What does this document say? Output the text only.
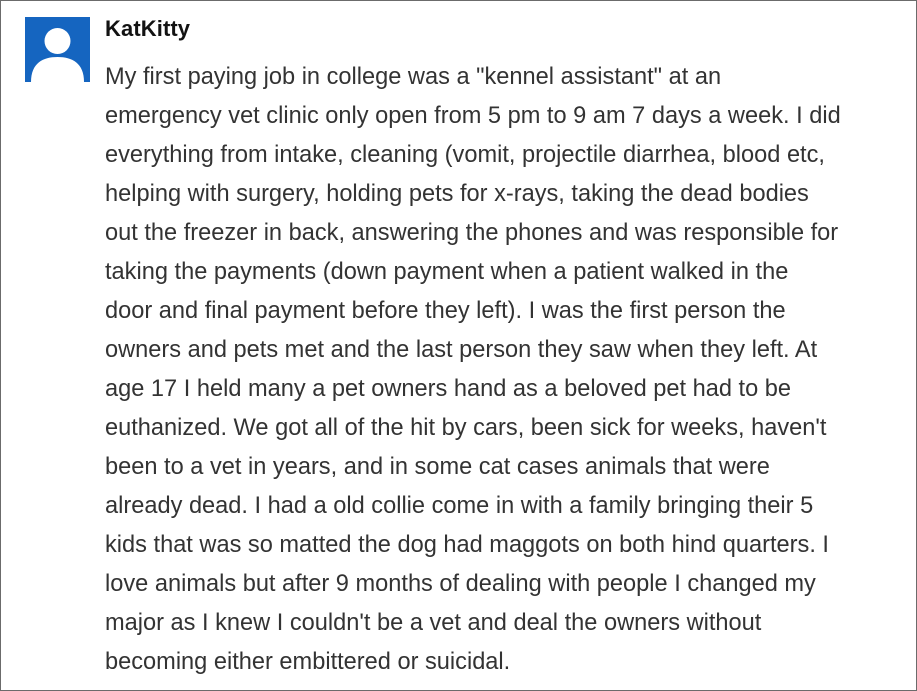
KatKitty
My first paying job in college was a "kennel assistant" at an
emergency vet clinic only open from 5 pm to 9 am 7 days a week. I did
everything from intake, cleaning (vomit, projectile diarrhea, blood etc,
helping with surgery, holding pets for x-rays, taking the dead bodies
out the freezer in back, answering the phones and was responsible for
taking the payments (down payment when a patient walked in the
door and final payment before they left). I was the first person the
owners and pets met and the last person they saw when they left. At
age 17 I held many a pet owners hand as a beloved pet had to be
euthanized. We got all of the hit by cars, been sick for weeks, haven't
been to a vet in years, and in some cat cases animals that were
already dead. I had a old collie come in with a family bringing their 5
kids that was so matted the dog had maggots on both hind quarters. I
love animals but after 9 months of dealing with people I changed my
major as I knew I couldn't be a vet and deal the owners without
becoming either embittered or suicidal.
